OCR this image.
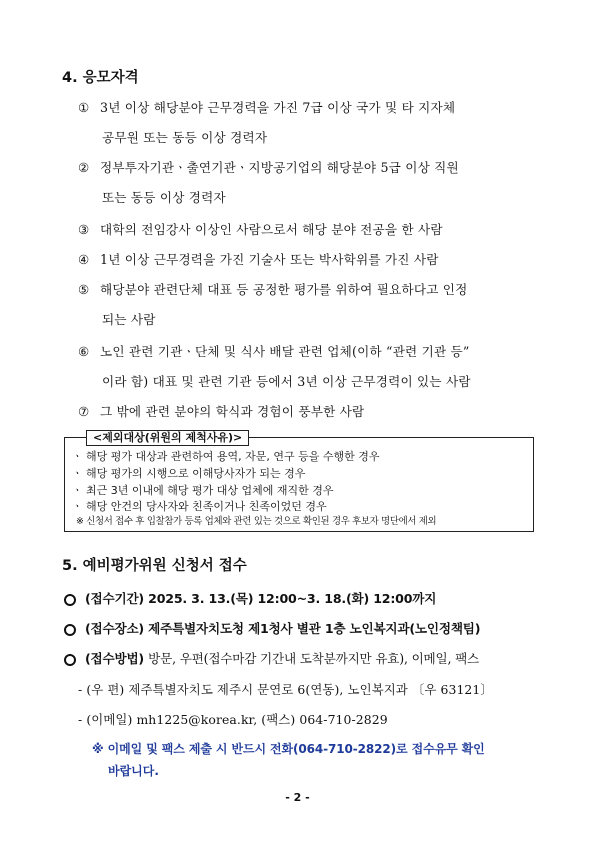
4. 응모자격
① 3년 이상 해당분야 근무경력을 가진 7급 이상 국가 및 타 지자체
공무원 또는 동등 이상 경력자
② 정부투자기관ㆍ출연기관ㆍ지방공기업의 해당분야 5급 이상 직원
또는 동등 이상 경력자
③ 대학의 전임강사 이상인 사람으로서 해당 분야 전공을 한 사람
④ 1년 이상 근무경력을 가진 기술사 또는 박사학위를 가진 사람
⑤ 해당분야 관련단체 대표 등 공정한 평가를 위하여 필요하다고 인정
되는 사람
⑥ 노인 관련 기관ㆍ단체 및 식사 배달 관련 업체(이하 “관련 기관 등”
이라 함) 대표 및 관련 기관 등에서 3년 이상 근무경력이 있는 사람
⑦ 그 밖에 관련 분야의 학식과 경험이 풍부한 사람
<제외대상(위원의 제척사유)>
ㆍ 해당 평가 대상과 관련하여 용역, 자문, 연구 등을 수행한 경우
ㆍ 해당 평가의 시행으로 이해당사자가 되는 경우
ㆍ 최근 3년 이내에 해당 평가 대상 업체에 재직한 경우
ㆍ 해당 안건의 당사자와 친족이거나 친족이었던 경우
※ 신청서 접수 후 입찰참가 등록 업체와 관련 있는 것으로 확인된 경우 후보자 명단에서 제외
5. 예비평가위원 신청서 접수
(접수기간) 2025. 3. 13.(목) 12:00~3. 18.(화) 12:00까지
(접수장소) 제주특별자치도청 제1청사 별관 1층 노인복지과(노인정책팀)
(접수방법) 방문, 우편(접수마감 기간내 도착분까지만 유효), 이메일, 팩스
- (우 편) 제주특별자치도 제주시 문연로 6(연동), 노인복지과 〔우 63121〕
- (이메일) mh1225@korea.kr, (팩스) 064-710-2829
※ 이메일 및 팩스 제출 시 반드시 전화(064-710-2822)로 접수유무 확인
바랍니다.
- 2 -
